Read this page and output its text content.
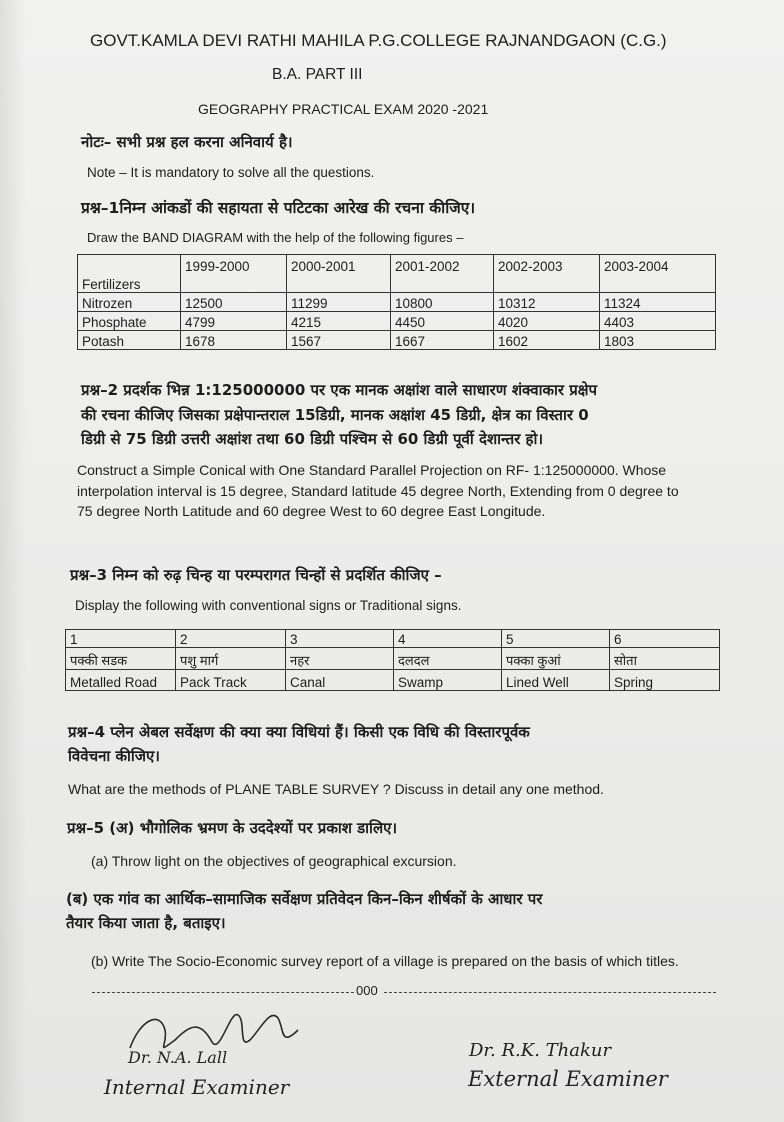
GOVT.KAMLA DEVI RATHI MAHILA P.G.COLLEGE RAJNANDGAON (C.G.)
B.A. PART III
GEOGRAPHY PRACTICAL EXAM 2020 -2021
नोटः– सभी प्रश्न हल करना अनिवार्य है।
Note – It is mandatory to solve all the questions.
प्रश्न–1निम्न आंकडों की सहायता से पटिटका आरेख की रचना कीजिए।
Draw the BAND DIAGRAM with the help of the following figures –
Fertilizers	1999-2000	2000-2001	2001-2002	2002-2003	2003-2004
Nitrozen	12500	11299	10800	10312	11324
Phosphate	4799	4215	4450	4020	4403
Potash	1678	1567	1667	1602	1803
प्रश्न–2 प्रदर्शक भिन्न 1:125000000 पर एक मानक अक्षांश वाले साधारण शंक्वाकार प्रक्षेप
की रचना कीजिए जिसका प्रक्षेपान्तराल 15डिग्री, मानक अक्षांश 45 डिग्री, क्षेत्र का विस्तार 0
डिग्री से 75 डिग्री उत्तरी अक्षांश तथा 60 डिग्री पश्चिम से 60 डिग्री पूर्वी देशान्तर हो।
Construct a Simple Conical with One Standard Parallel Projection on RF- 1:125000000. Whose
interpolation interval is 15 degree, Standard latitude 45 degree North, Extending from 0 degree to
75 degree North Latitude and 60 degree West to 60 degree East Longitude.
प्रश्न–3 निम्न को रुढ़ चिन्ह या परम्परागत चिन्हों से प्रदर्शित कीजिए –
Display the following with conventional signs or Traditional signs.
1	2	3	4	5	6
पक्की सडक	पशु मार्ग	नहर	दलदल	पक्का कुआं	सोता
Metalled Road	Pack Track	Canal	Swamp	Lined Well	Spring
प्रश्न–4 प्लेन अेबल सर्वेक्षण की क्या क्या विधियां हैं। किसी एक विधि की विस्तारपूर्वक
विवेचना कीजिए।
What are the methods of PLANE TABLE SURVEY ? Discuss in detail any one method.
प्रश्न–5 (अ) भौगोलिक भ्रमण के उददेश्यों पर प्रकाश डालिए।
(a) Throw light on the objectives of geographical excursion.
(ब) एक गांव का आर्थिक–सामाजिक सर्वेक्षण प्रतिवेदन किन–किन शीर्षकों के आधार पर
तैयार किया जाता है, बताइए।
(b) Write The Socio-Economic survey report of a village is prepared on the basis of which titles.
000
Dr. N.A. Lall
Internal Examiner
Dr. R.K. Thakur
External Examiner
